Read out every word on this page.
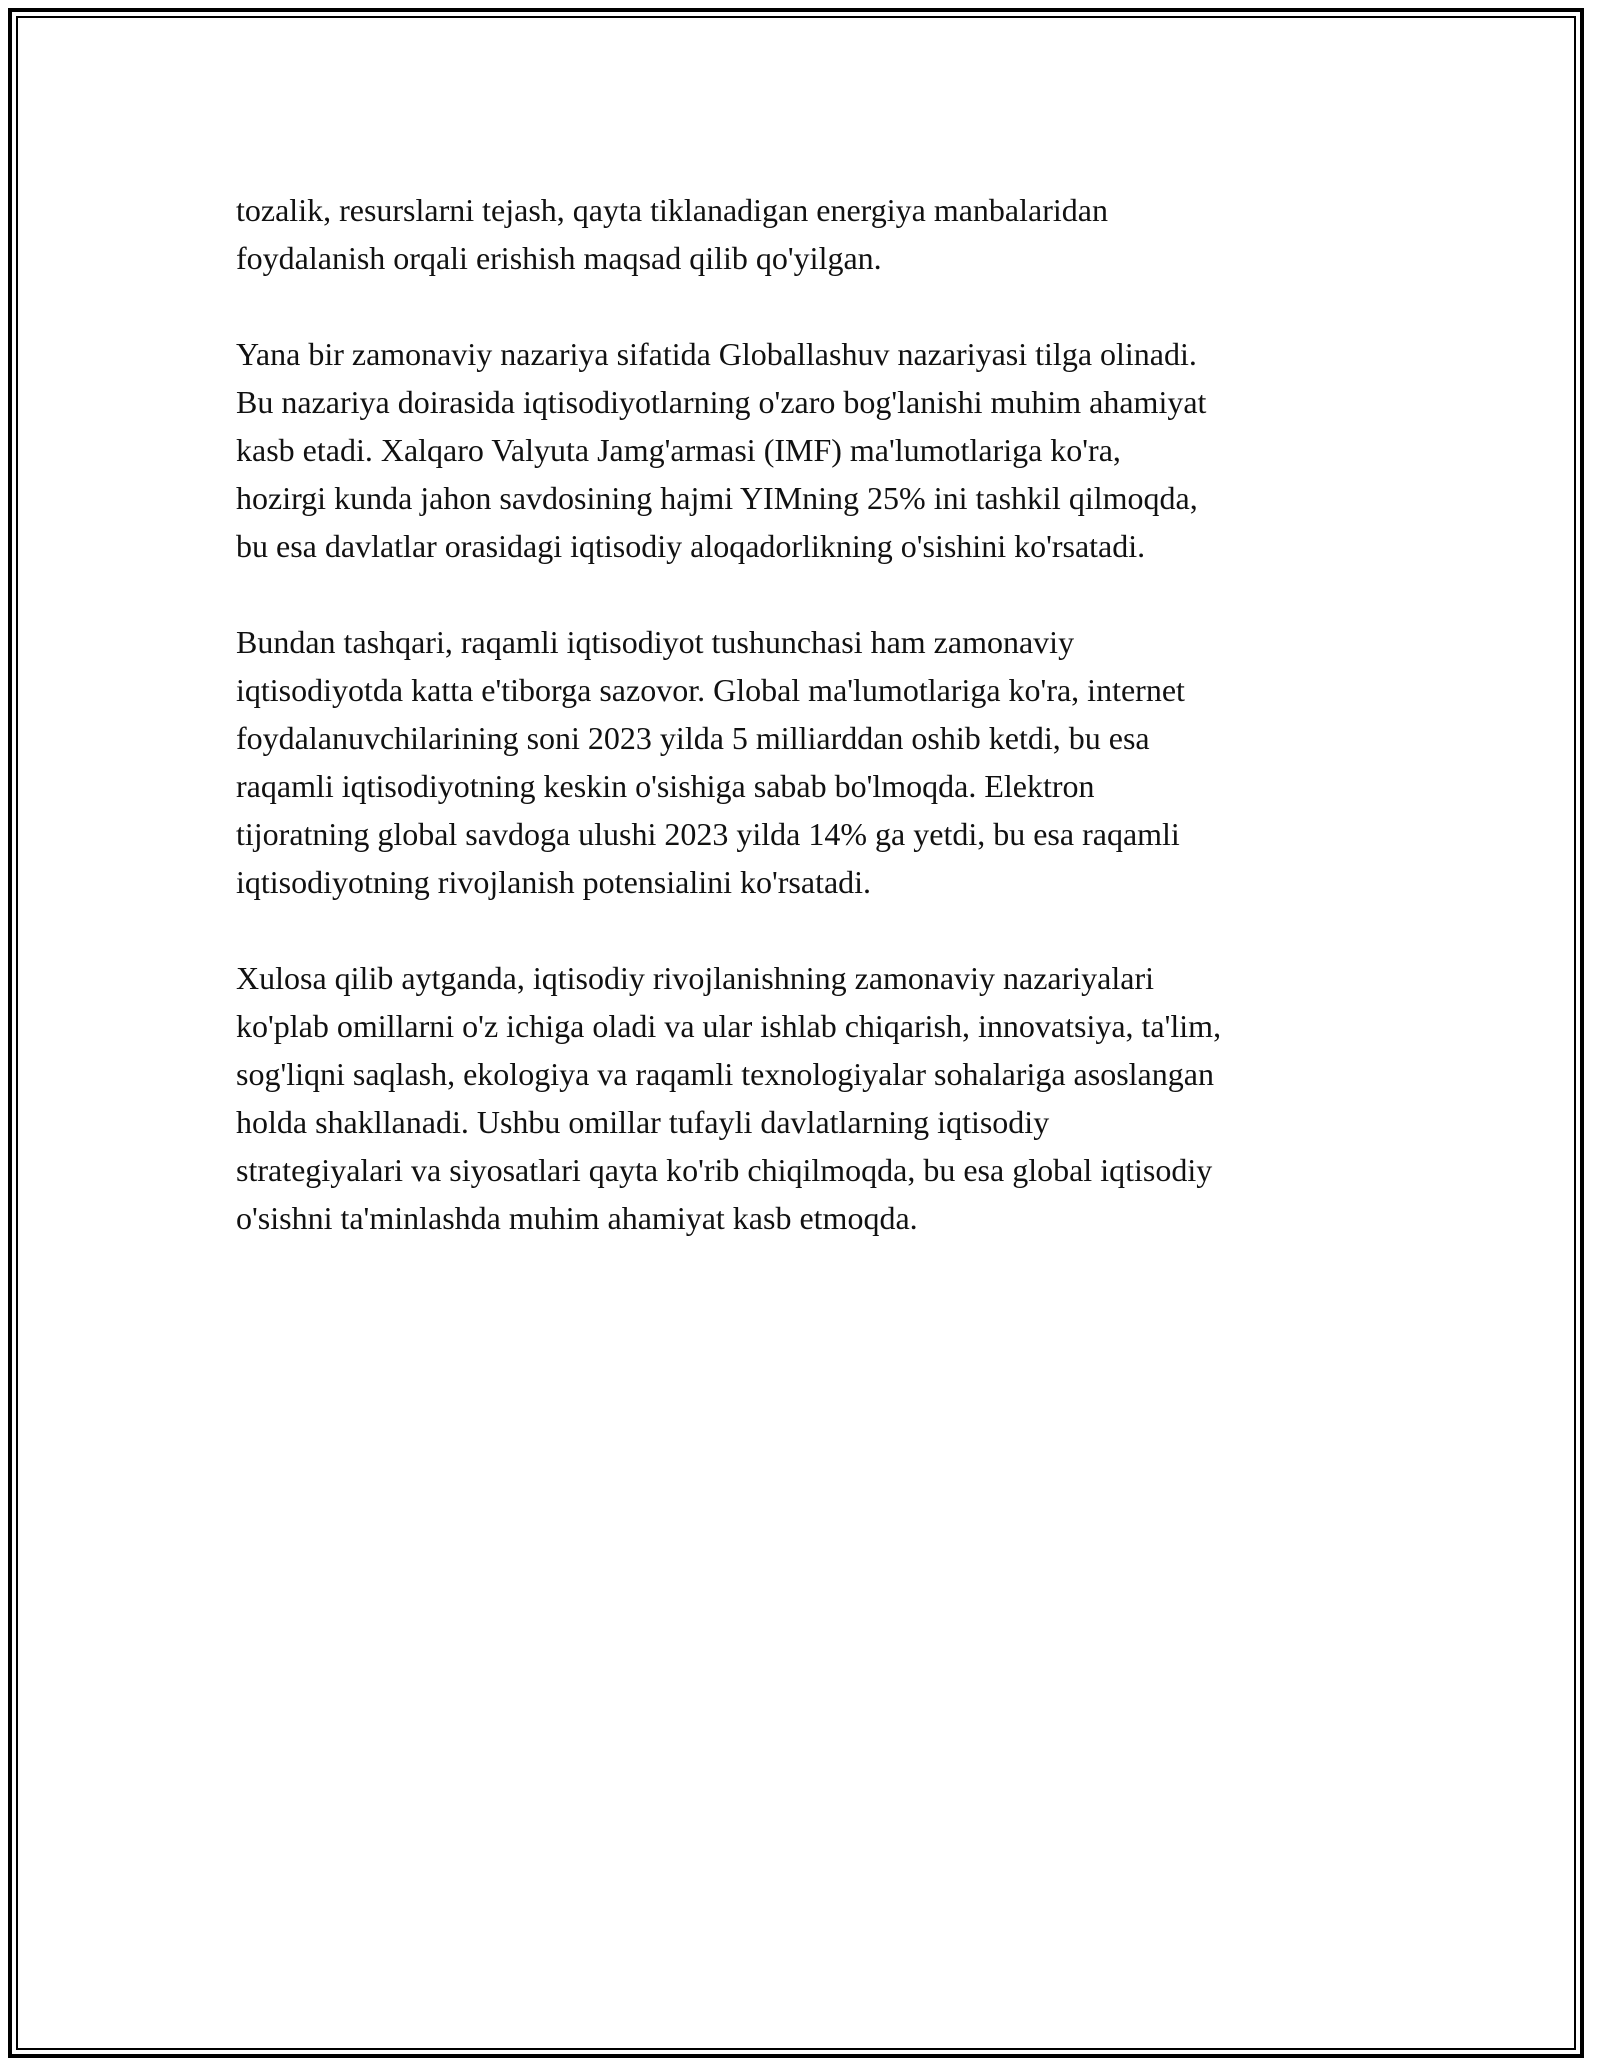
tozalik, resurslarni tejash, qayta tiklanadigan energiya manbalaridan
foydalanish orqali erishish maqsad qilib qo'yilgan.

Yana bir zamonaviy nazariya sifatida Globallashuv nazariyasi tilga olinadi.
Bu nazariya doirasida iqtisodiyotlarning o'zaro bog'lanishi muhim ahamiyat
kasb etadi. Xalqaro Valyuta Jamg'armasi (IMF) ma'lumotlariga ko'ra,
hozirgi kunda jahon savdosining hajmi YIMning 25% ini tashkil qilmoqda,
bu esa davlatlar orasidagi iqtisodiy aloqadorlikning o'sishini ko'rsatadi.

Bundan tashqari, raqamli iqtisodiyot tushunchasi ham zamonaviy
iqtisodiyotda katta e'tiborga sazovor. Global ma'lumotlariga ko'ra, internet
foydalanuvchilarining soni 2023 yilda 5 milliarddan oshib ketdi, bu esa
raqamli iqtisodiyotning keskin o'sishiga sabab bo'lmoqda. Elektron
tijoratning global savdoga ulushi 2023 yilda 14% ga yetdi, bu esa raqamli
iqtisodiyotning rivojlanish potensialini ko'rsatadi.

Xulosa qilib aytganda, iqtisodiy rivojlanishning zamonaviy nazariyalari
ko'plab omillarni o'z ichiga oladi va ular ishlab chiqarish, innovatsiya, ta'lim,
sog'liqni saqlash, ekologiya va raqamli texnologiyalar sohalariga asoslangan
holda shakllanadi. Ushbu omillar tufayli davlatlarning iqtisodiy
strategiyalari va siyosatlari qayta ko'rib chiqilmoqda, bu esa global iqtisodiy
o'sishni ta'minlashda muhim ahamiyat kasb etmoqda.
